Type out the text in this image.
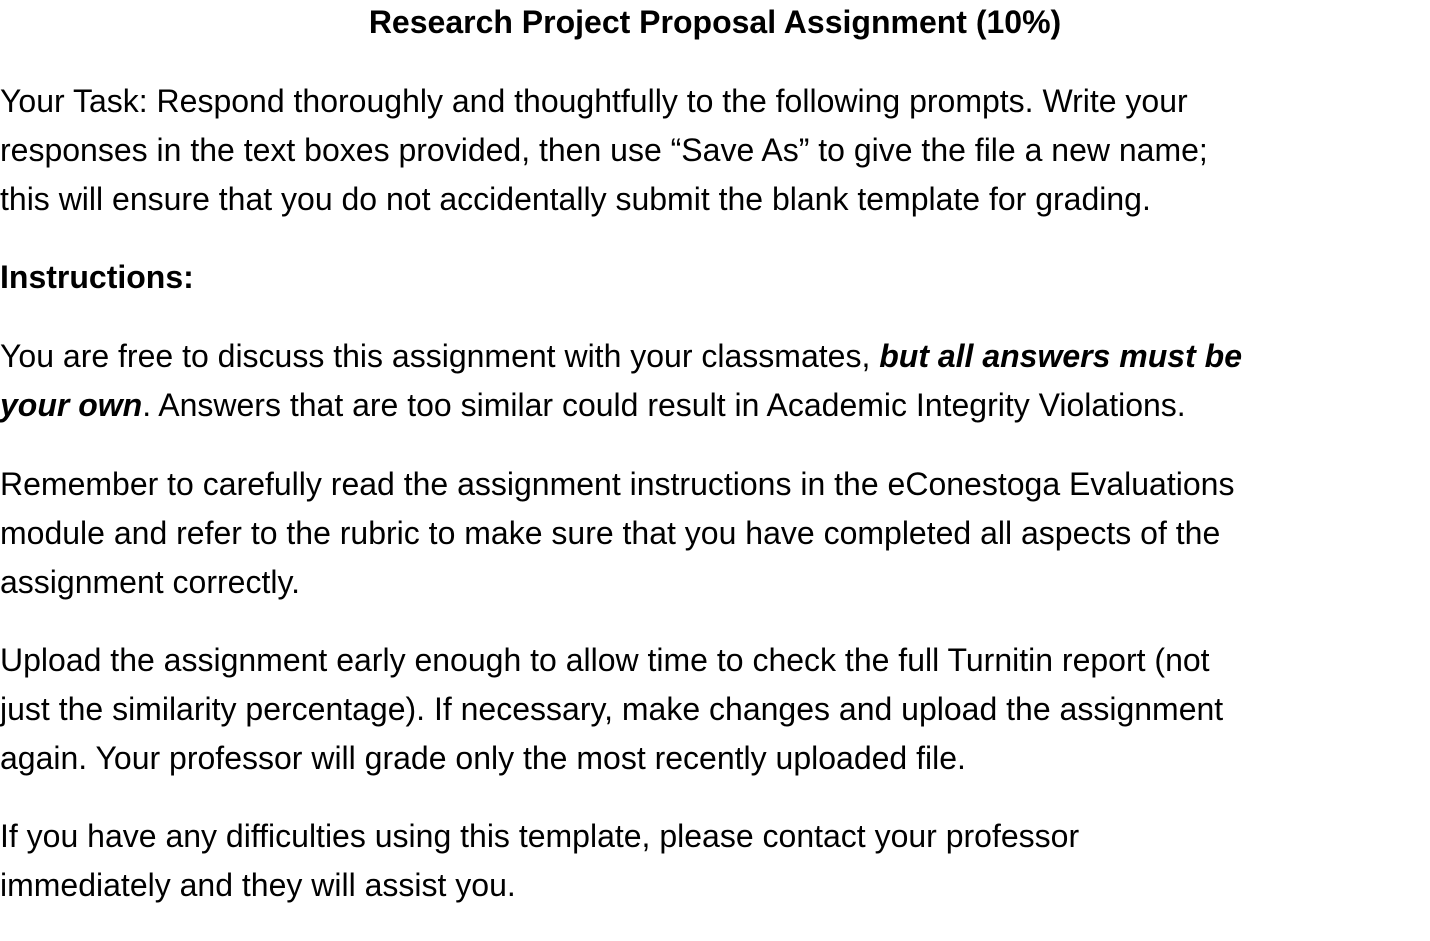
Research Project Proposal Assignment (10%)

Your Task: Respond thoroughly and thoughtfully to the following prompts. Write your
responses in the text boxes provided, then use “Save As” to give the file a new name;
this will ensure that you do not accidentally submit the blank template for grading.

Instructions:

You are free to discuss this assignment with your classmates, but all answers must be
your own. Answers that are too similar could result in Academic Integrity Violations.

Remember to carefully read the assignment instructions in the eConestoga Evaluations
module and refer to the rubric to make sure that you have completed all aspects of the
assignment correctly.

Upload the assignment early enough to allow time to check the full Turnitin report (not
just the similarity percentage). If necessary, make changes and upload the assignment
again. Your professor will grade only the most recently uploaded file.

If you have any difficulties using this template, please contact your professor
immediately and they will assist you.
